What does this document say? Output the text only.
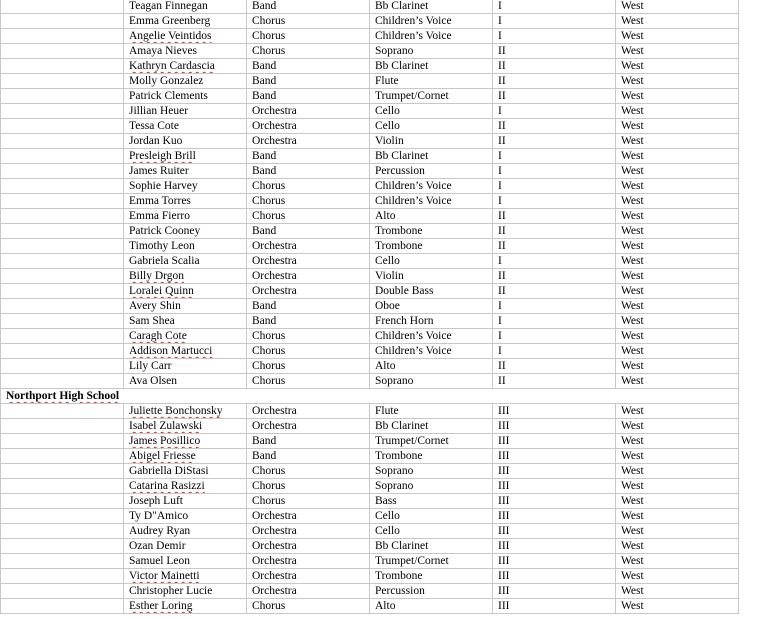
	Teagan Finnegan	Band	Bb Clarinet	I	West
	Emma Greenberg	Chorus	Children’s Voice	I	West
	Angelie Veintidos	Chorus	Children’s Voice	I	West
	Amaya Nieves	Chorus	Soprano	II	West
	Kathryn Cardascia	Band	Bb Clarinet	II	West
	Molly Gonzalez	Band	Flute	II	West
	Patrick Clements	Band	Trumpet/Cornet	II	West
	Jillian Heuer	Orchestra	Cello	I	West
	Tessa Cote	Orchestra	Cello	II	West
	Jordan Kuo	Orchestra	Violin	II	West
	Presleigh Brill	Band	Bb Clarinet	I	West
	James Ruiter	Band	Percussion	I	West
	Sophie Harvey	Chorus	Children’s Voice	I	West
	Emma Torres	Chorus	Children’s Voice	I	West
	Emma Fierro	Chorus	Alto	II	West
	Patrick Cooney	Band	Trombone	II	West
	Timothy Leon	Orchestra	Trombone	II	West
	Gabriela Scalia	Orchestra	Cello	I	West
	Billy Drgon	Orchestra	Violin	II	West
	Loralei Quinn	Orchestra	Double Bass	II	West
	Avery Shin	Band	Oboe	I	West
	Sam Shea	Band	French Horn	I	West
	Caragh Cote	Chorus	Children’s Voice	I	West
	Addison Martucci	Chorus	Children’s Voice	I	West
	Lily Carr	Chorus	Alto	II	West
	Ava Olsen	Chorus	Soprano	II	West
Northport High School					
	Juliette Bonchonsky	Orchestra	Flute	III	West
	Isabel Zulawski	Orchestra	Bb Clarinet	III	West
	James Posillico	Band	Trumpet/Cornet	III	West
	Abigel Friesse	Band	Trombone	III	West
	Gabriella DiStasi	Chorus	Soprano	III	West
	Catarina Rasizzi	Chorus	Soprano	III	West
	Joseph Luft	Chorus	Bass	III	West
	Ty D"Amico	Orchestra	Cello	III	West
	Audrey Ryan	Orchestra	Cello	III	West
	Ozan Demir	Orchestra	Bb Clarinet	III	West
	Samuel Leon	Orchestra	Trumpet/Cornet	III	West
	Victor Mainetti	Orchestra	Trombone	III	West
	Christopher Lucie	Orchestra	Percussion	III	West
	Esther Loring	Chorus	Alto	III	West
